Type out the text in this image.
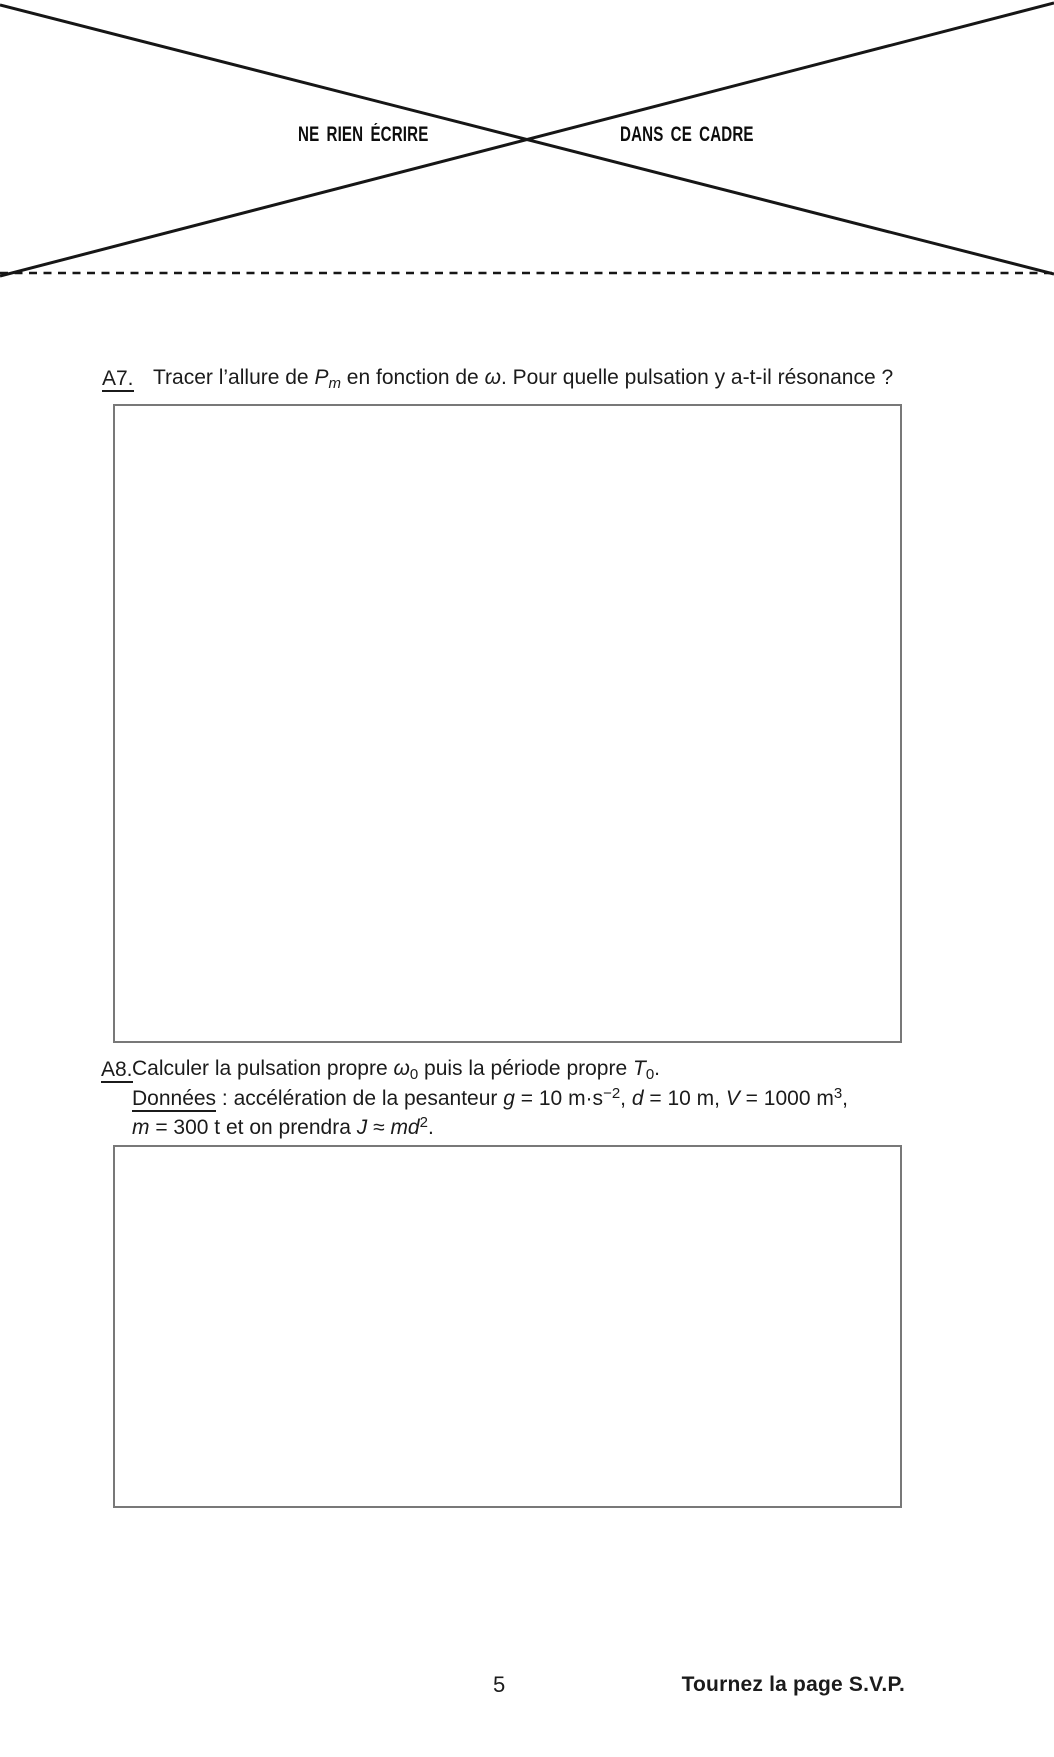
NE RIEN ÉCRIRE	DANS CE CADRE
A7. Tracer l’allure de Pm en fonction de ω. Pour quelle pulsation y a-t-il résonance ?
A8. Calculer la pulsation propre ω0 puis la période propre T0.
Données : accélération de la pesanteur g = 10 $m\cdot s^{-2}$, d = 10 m, V = 1000 $m^3$,
m = 300 t et on prendra $J \approx md^2$.
5	Tournez la page S.V.P.
